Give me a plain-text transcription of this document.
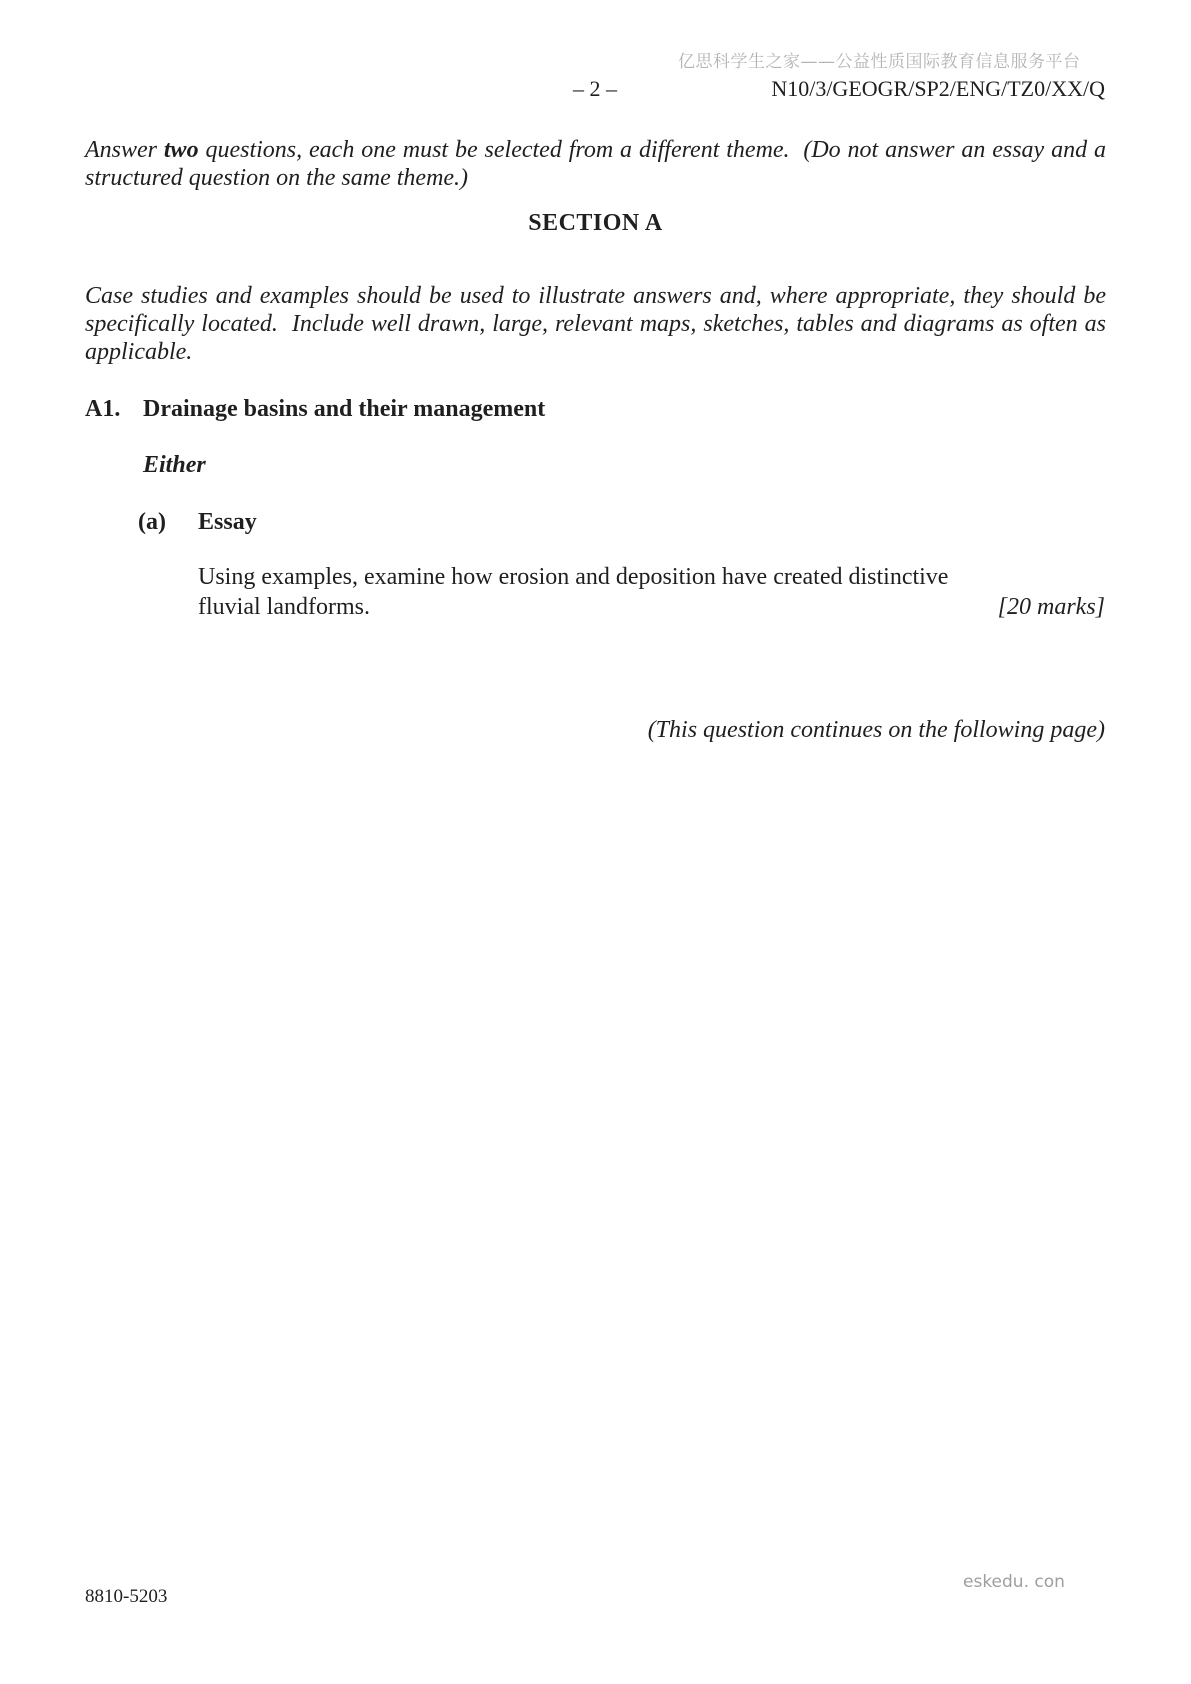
亿思科学生之家——公益性质国际教育信息服务平台
– 2 –	N10/3/GEOGR/SP2/ENG/TZ0/XX/Q

Answer two questions, each one must be selected from a different theme.  (Do not answer an essay and a structured question on the same theme.)

SECTION A

Case studies and examples should be used to illustrate answers and, where appropriate, they should be specifically located.  Include well drawn, large, relevant maps, sketches, tables and diagrams as often as applicable.

A1. Drainage basins and their management
Either
(a) Essay
Using examples, examine how erosion and deposition have created distinctive
fluvial landforms.	[20 marks]
(This question continues on the following page)
8810-5203
eskedu. con
